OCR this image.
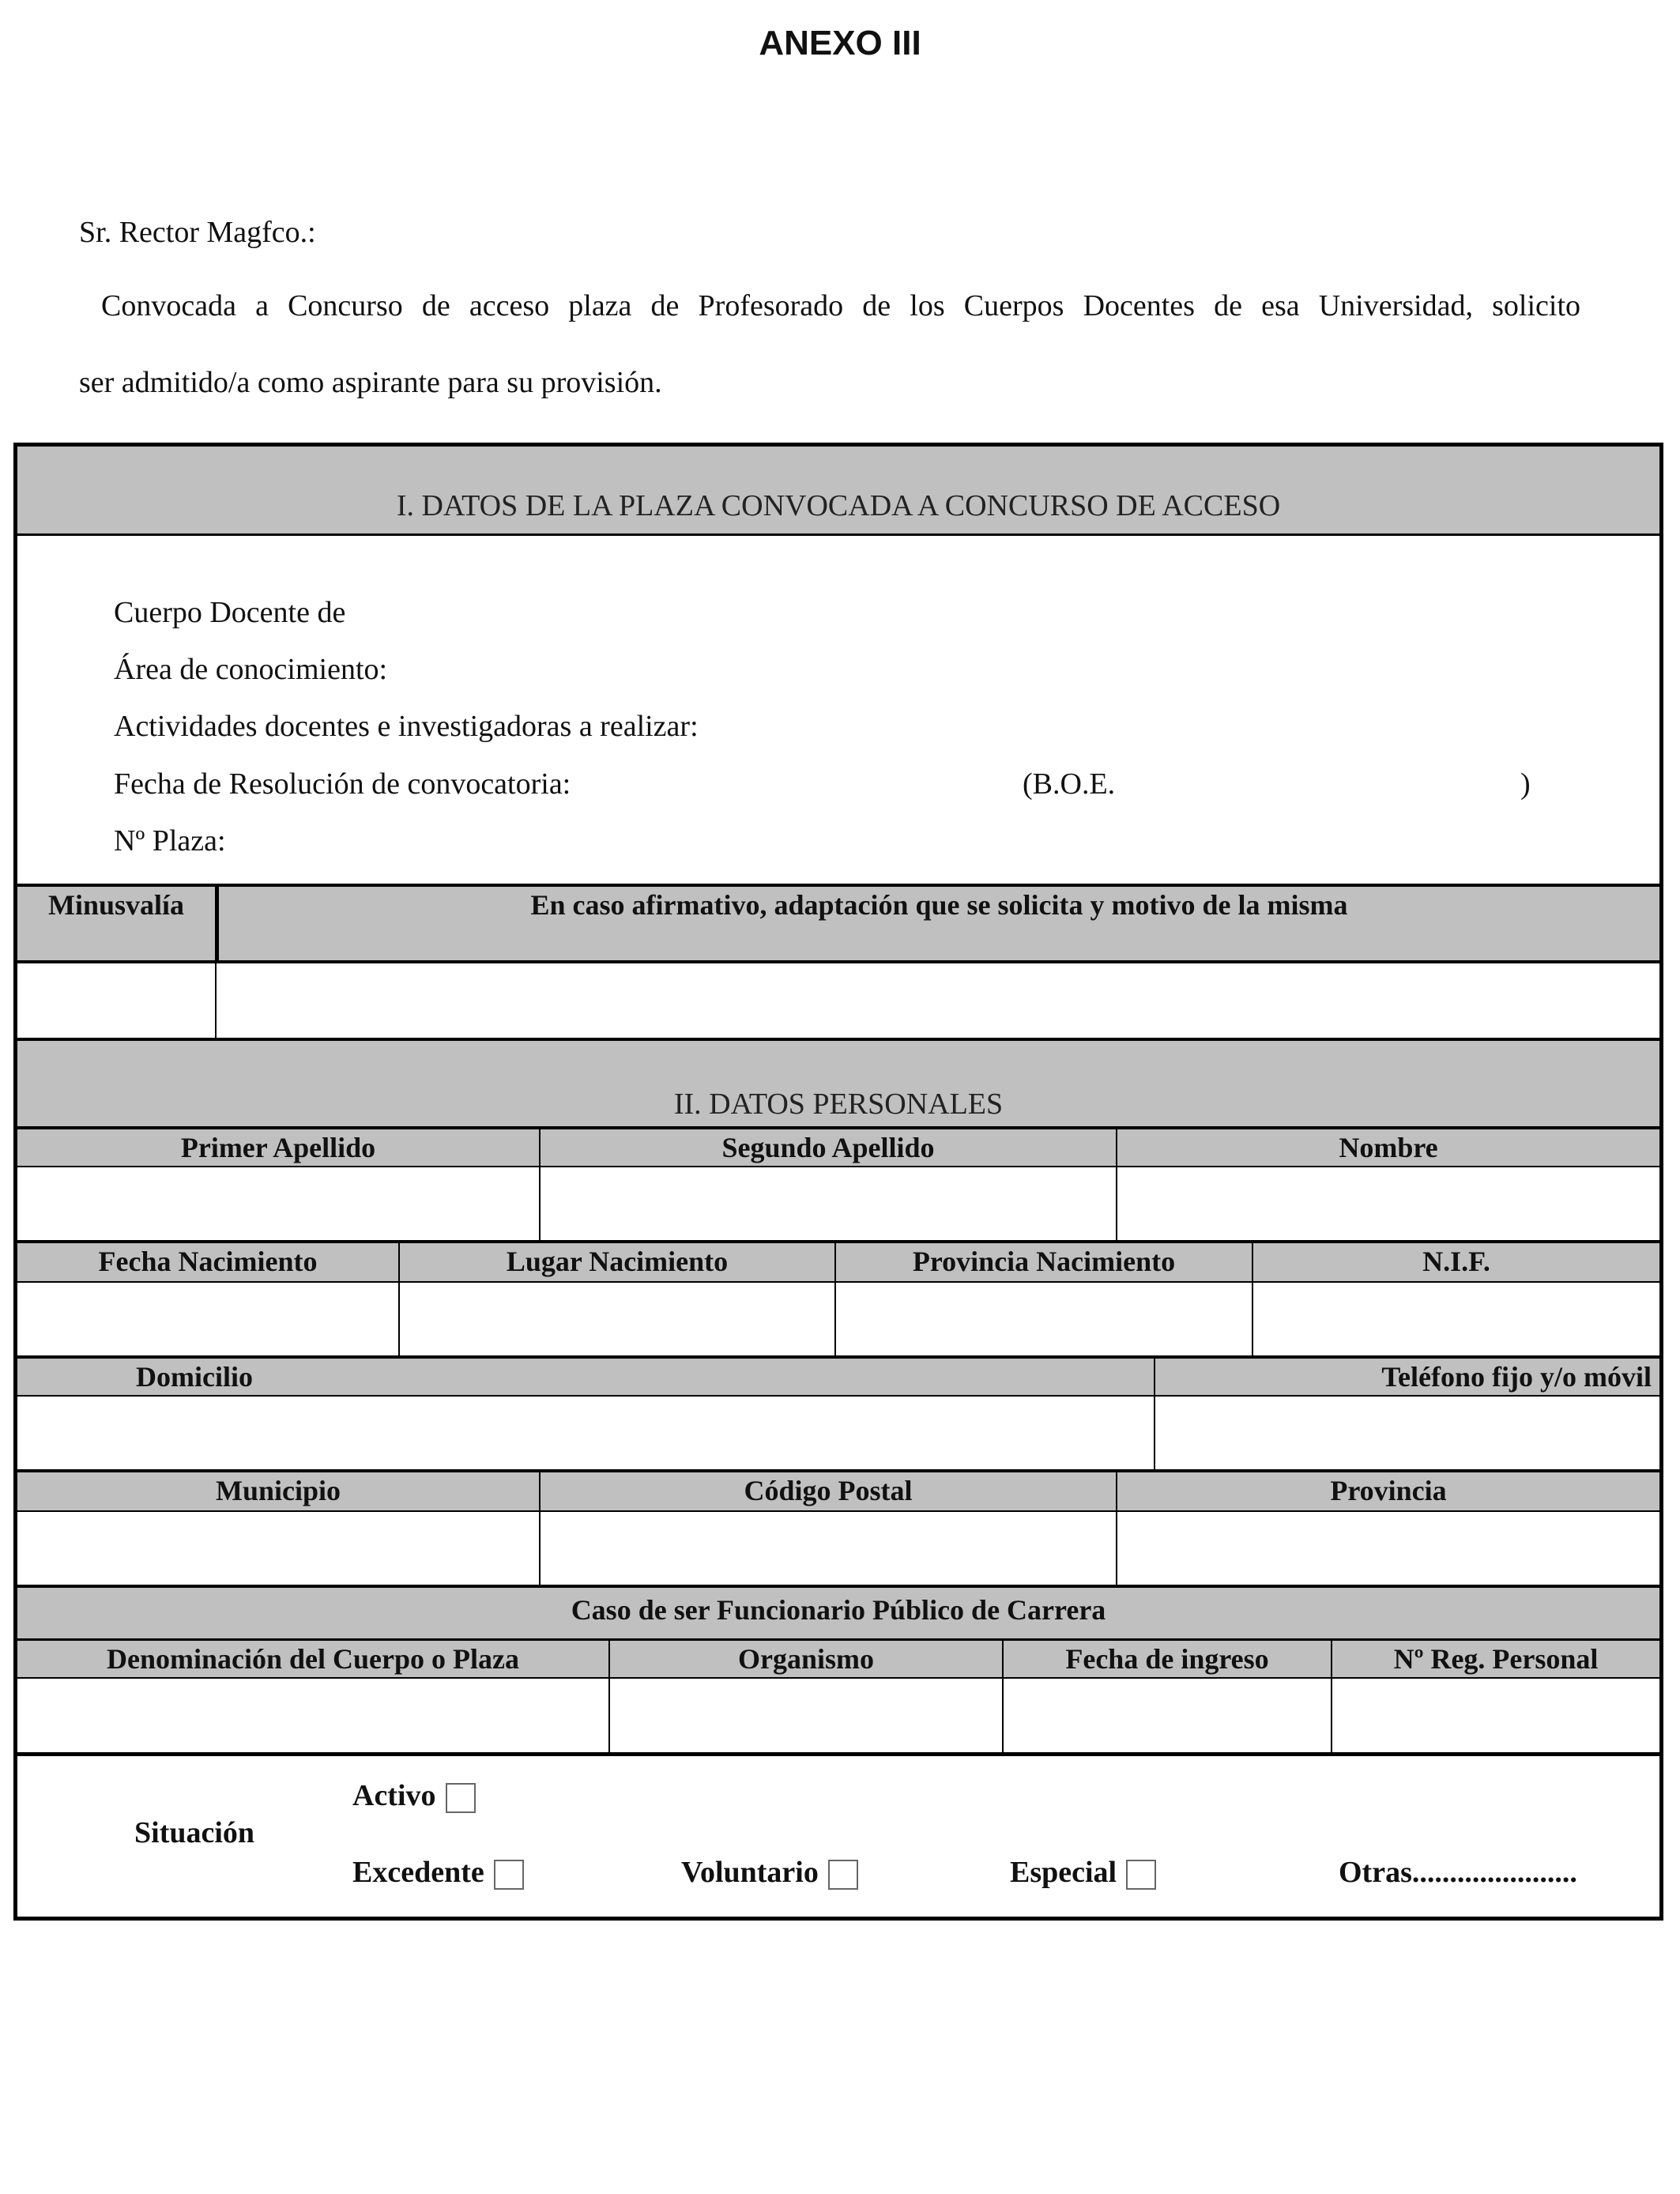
ANEXO III
Sr. Rector Magfco.:
Convocada a Concurso de acceso plaza de Profesorado de los Cuerpos Docentes de esa Universidad, solicito
ser admitido/a como aspirante para su provisión.
I. DATOS DE LA PLAZA CONVOCADA A CONCURSO DE ACCESO
Cuerpo Docente de
Área de conocimiento:
Actividades docentes e investigadoras a realizar:
Fecha de Resolución de convocatoria:	(B.O.E.	)
Nº Plaza:
Minusvalía	En caso afirmativo, adaptación que se solicita y motivo de la misma
II. DATOS PERSONALES
Primer Apellido	Segundo Apellido	Nombre
Fecha Nacimiento	Lugar Nacimiento	Provincia Nacimiento	N.I.F.
Domicilio	Teléfono fijo y/o móvil
Municipio	Código Postal	Provincia
Caso de ser Funcionario Público de Carrera
Denominación del Cuerpo o Plaza	Organismo	Fecha de ingreso	Nº Reg. Personal
Situación
Activo
Excedente	Voluntario	Especial	Otras......................
